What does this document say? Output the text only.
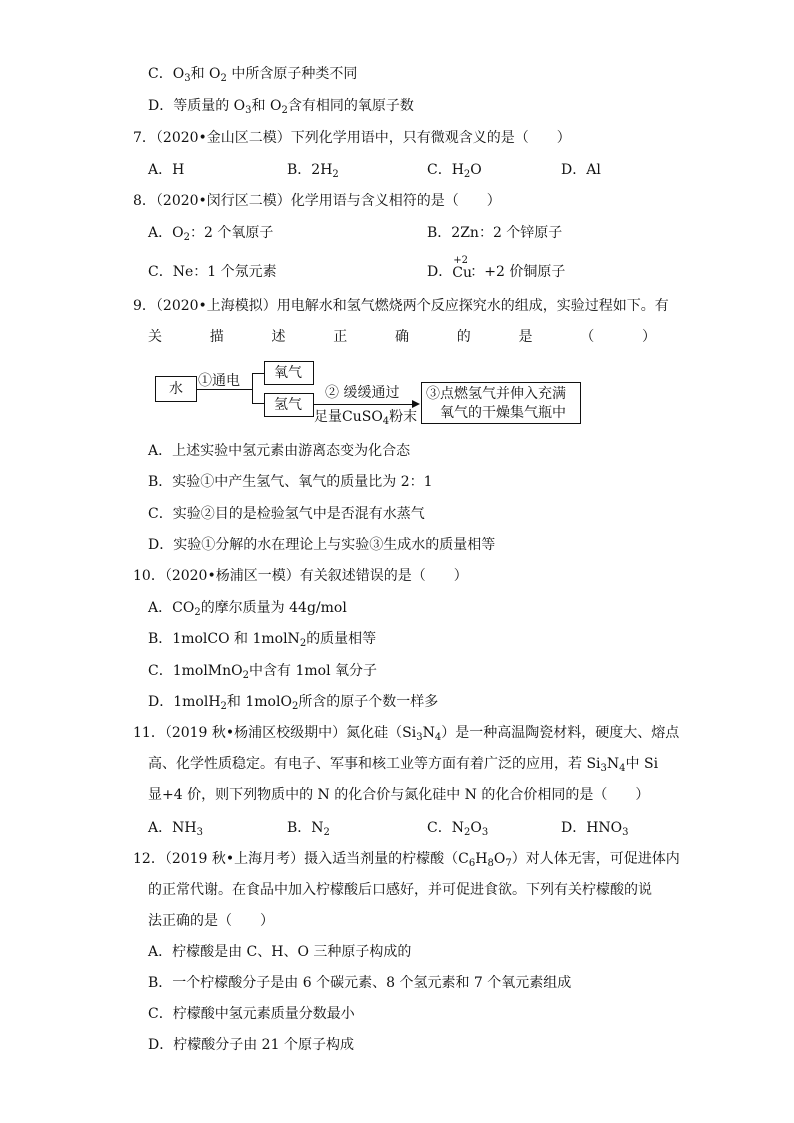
C．$O_3$和 $O_2$ 中所含原子种类不同
D．等质量的 $O_3$和 $O_2$含有相同的氧原子数
7．（2020•金山区二模）下列化学用语中，只有微观含义的是（　　）
A．H	B．$2H_2$	C．$H_2O$	D．Al
8．（2020•闵行区二模）化学用语与含义相符的是（　　）
A．$O_2$：2 个氧原子	B．2Zn：2 个锌原子
C．Ne：1 个氖元素	D．
+2
Cu
：+2 价铜原子
9．（2020•上海模拟）用电解水和氢气燃烧两个反应探究水的组成，实验过程如下。有
关	描	述	正	确	的	是	（	）
水 ①通电 氧气
氢气
② 缓缓通过
足量CuSO$_4$粉末
③点燃氢气并伸入充满
氧气的干燥集气瓶中
A．上述实验中氢元素由游离态变为化合态
B．实验①中产生氢气、氧气的质量比为 2：1
C．实验②目的是检验氢气中是否混有水蒸气
D．实验①分解的水在理论上与实验③生成水的质量相等
10．（2020•杨浦区一模）有关叙述错误的是（　　）
A．$CO_2$的摩尔质量为 44g/mol
B．1molCO 和 1molN$_2$的质量相等
C．1molMnO$_2$中含有 1mol 氧分子
D．1molH$_2$和 1molO$_2$所含的原子个数一样多
11．（2019 秋•杨浦区校级期中）氮化硅$(Si_3N_4)$是一种高温陶瓷材料，硬度大、熔点
高、化学性质稳定。有电子、军事和核工业等方面有着广泛的应用，若 $Si_3N_4$中 Si
显+4 价，则下列物质中的 N 的化合价与氮化硅中 N 的化合价相同的是（　　）
A．$NH_3$	B．$N_2$	C．$N_2O_3$	D．$HNO_3$
12．（2019 秋•上海月考）摄入适当剂量的柠檬酸$(C_6H_8O_7)$对人体无害，可促进体内
的正常代谢。在食品中加入柠檬酸后口感好，并可促进食欲。下列有关柠檬酸的说
法正确的是（　　）
A．柠檬酸是由 C、H、O 三种原子构成的
B．一个柠檬酸分子是由 6 个碳元素、8 个氢元素和 7 个氧元素组成
C．柠檬酸中氢元素质量分数最小
D．柠檬酸分子由 21 个原子构成
